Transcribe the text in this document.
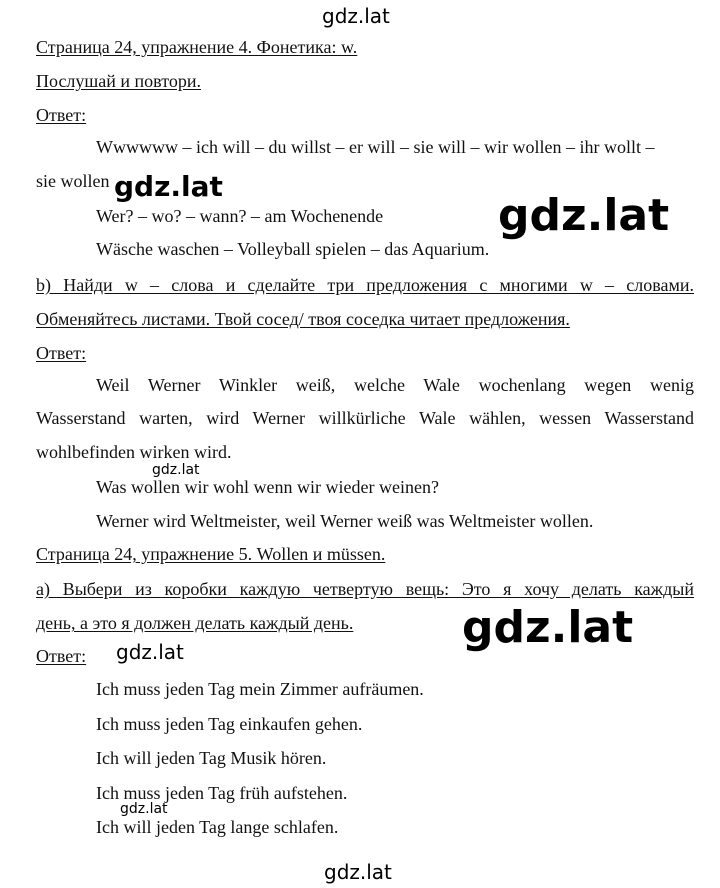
Страница 24, упражнение 4. Фонетика: w.
Послушай и повтори.
Ответ:
Wwwwww – ich will – du willst – er will – sie will – wir wollen – ihr wollt –
sie wollen
Wer? – wo? – wann? – am Wochenende
Wäsche waschen – Volleyball spielen – das Aquarium.
b) Найди w – слова и сделайте три предложения с многими w – словами.
Обменяйтесь листами. Твой сосед/ твоя соседка читает предложения.
Ответ:
Weil Werner Winkler weiß, welche Wale wochenlang wegen wenig
Wasserstand warten, wird Werner willkürliche Wale wählen, wessen Wasserstand
wohlbefinden wirken wird.
Was wollen wir wohl wenn wir wieder weinen?
Werner wird Weltmeister, weil Werner weiß was Weltmeister wollen.
Страница 24, упражнение 5. Wollen и müssen.
а) Выбери из коробки каждую четвертую вещь: Это я хочу делать каждый
день, а это я должен делать каждый день.
Ответ:
Ich muss jeden Tag mein Zimmer aufräumen.
Ich muss jeden Tag einkaufen gehen.
Ich will jeden Tag Musik hören.
Ich muss jeden Tag früh aufstehen.
Ich will jeden Tag lange schlafen.
gdz.lat
gdz.lat
gdz.lat
gdz.lat
gdz.lat
gdz.lat
gdz.lat
gdz.lat
